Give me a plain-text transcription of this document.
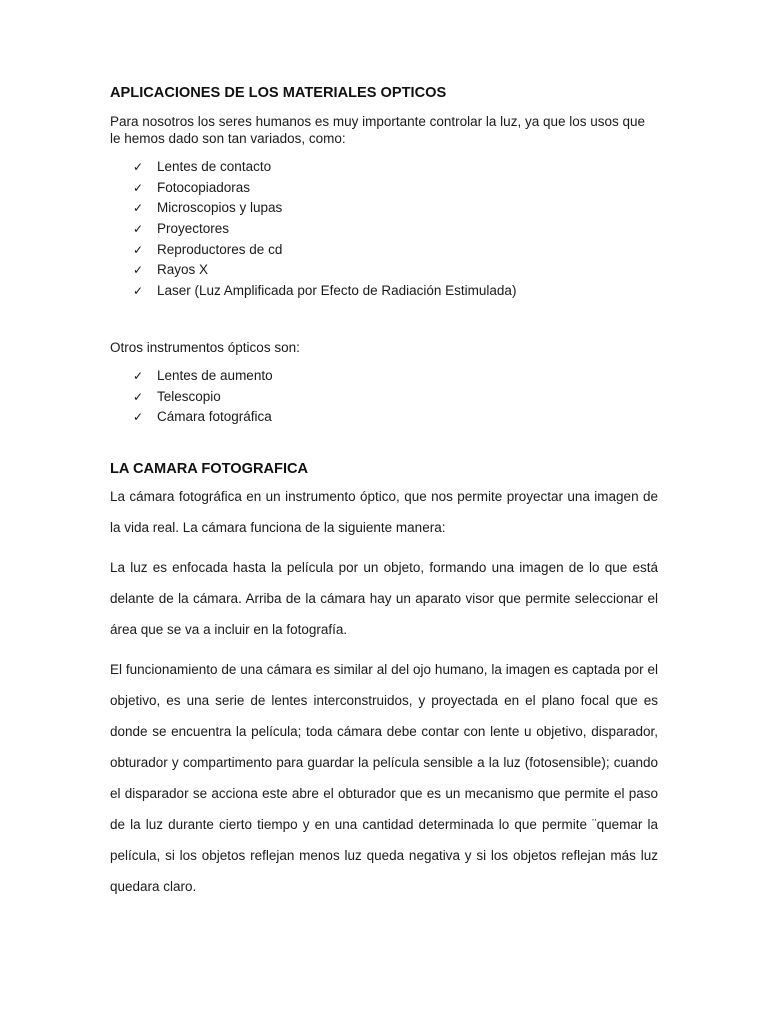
APLICACIONES DE LOS MATERIALES OPTICOS

Para nosotros los seres humanos es muy importante controlar la luz, ya que los usos que le hemos dado son tan variados, como:

✓ Lentes de contacto
✓ Fotocopiadoras
✓ Microscopios y lupas
✓ Proyectores
✓ Reproductores de cd
✓ Rayos X
✓ Laser (Luz Amplificada por Efecto de Radiación Estimulada)

Otros instrumentos ópticos son:

✓ Lentes de aumento
✓ Telescopio
✓ Cámara fotográfica
LA CAMARA FOTOGRAFICA

La cámara fotográfica en un instrumento óptico, que nos permite proyectar una imagen de la vida real. La cámara funciona de la siguiente manera:

La luz es enfocada hasta la película por un objeto, formando una imagen de lo que está delante de la cámara. Arriba de la cámara hay un aparato visor que permite seleccionar el área que se va a incluir en la fotografía.

El funcionamiento de una cámara es similar al del ojo humano, la imagen es captada por el objetivo, es una serie de lentes interconstruidos, y proyectada en el plano focal que es donde se encuentra la película; toda cámara debe contar con lente u objetivo, disparador, obturador y compartimento para guardar la película sensible a la luz (fotosensible); cuando el disparador se acciona este abre el obturador que es un mecanismo que permite el paso de la luz durante cierto tiempo y en una cantidad determinada lo que permite ¨quemar la película, si los objetos reflejan menos luz queda negativa y si los objetos reflejan más luz quedara claro.
